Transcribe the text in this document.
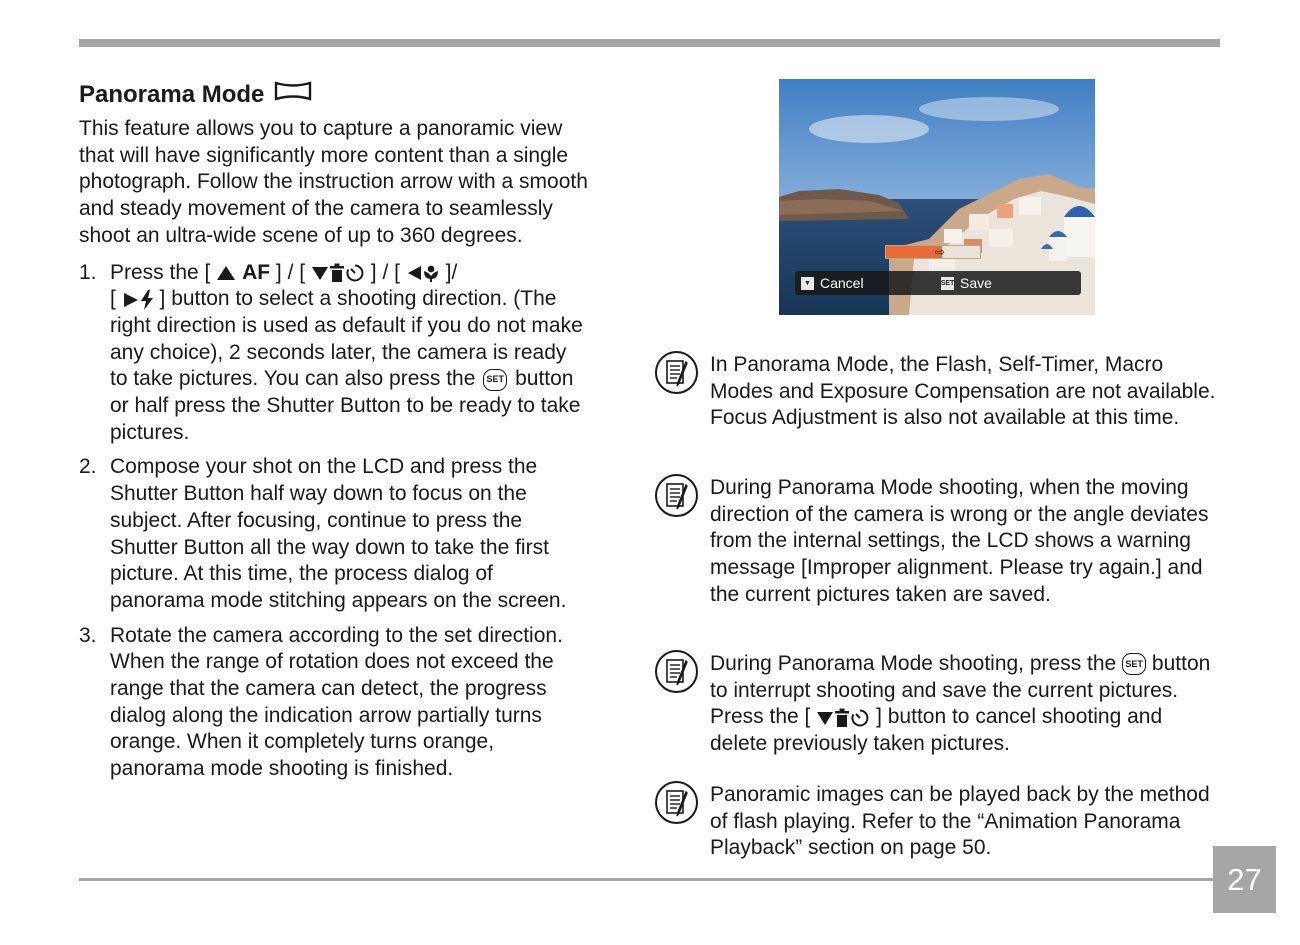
Panorama Mode

This feature allows you to capture a panoramic view that will have significantly more content than a single photograph. Follow the instruction arrow with a smooth and steady movement of the camera to seamlessly shoot an ultra-wide scene of up to 360 degrees.

1. Press the [ AF ] / [	] / [ ]/
[ ] button to select a shooting direction. (The right direction is used as default if you do not make any choice), 2 seconds later, the camera is ready to take pictures. You can also press the SET button or half press the Shutter Button to be ready to take pictures.
2. Compose your shot on the LCD and press the Shutter Button half way down to focus on the subject. After focusing, continue to press the Shutter Button all the way down to take the first picture. At this time, the process dialog of panorama mode stitching appears on the screen.
3. Rotate the camera according to the set direction. When the range of rotation does not exceed the range that the camera can detect, the progress dialog along the indication arrow partially turns orange. When it completely turns orange, panorama mode shooting is finished.
⇨
▼ Cancel	SET Save
In Panorama Mode, the Flash, Self-Timer, Macro Modes and Exposure Compensation are not available. Focus Adjustment is also not available at this time.
During Panorama Mode shooting, when the moving direction of the camera is wrong or the angle deviates from the internal settings, the LCD shows a warning message [Improper alignment. Please try again.] and the current pictures taken are saved.
During Panorama Mode shooting, press the SET button to interrupt shooting and save the current pictures. Press the [	] button to cancel shooting and delete previously taken pictures.
Panoramic images can be played back by the method of flash playing. Refer to the “Animation Panorama Playback” section on page 50.
27
